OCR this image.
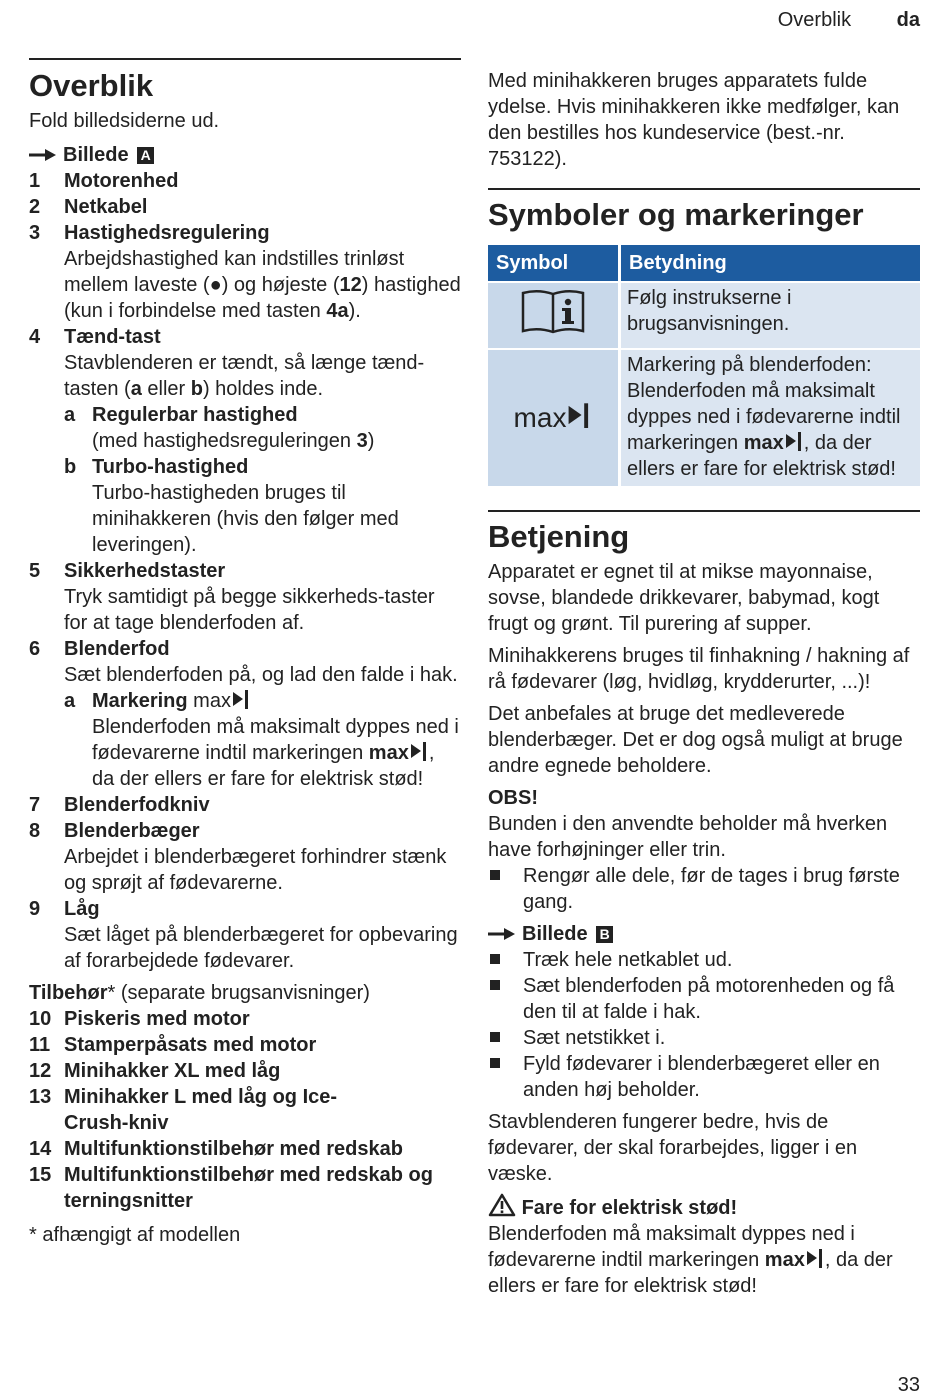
Overblik da
Overblik

Fold billedsiderne ud.

Billede A

1	Motorenhed
2	Netkabel
3	Hastighedsregulering

Arbejdshastighed kan indstilles trinløst mellem laveste (●) og højeste (12) hastighed (kun i forbindelse med tasten 4a).

4	Tænd-tast

Stavblenderen er tændt, så længe tænd-tasten (a eller b) holdes inde.

a Regulerbar hastighed

(med hastighedsreguleringen 3)

b Turbo-hastighed

Turbo-hastigheden bruges til minihakkeren (hvis den følger med leveringen).

5	Sikkerhedstaster

Tryk samtidigt på begge sikkerheds-taster for at tage blenderfoden af.

6	Blenderfod

Sæt blenderfoden på, og lad den falde i hak.

a Markering max

Blenderfoden må maksimalt dyppes ned i fødevarerne indtil markeringen max , da der ellers er fare for elektrisk stød!

7	Blenderfodkniv
8	Blenderbæger

Arbejdet i blenderbægeret forhindrer stænk og sprøjt af fødevarerne.

9	Låg

Sæt låget på blenderbægeret for opbevaring af forarbejdede fødevarer.

Tilbehør* (separate brugsanvisninger)

10 Piskeris med motor
11 Stamperpåsats med motor
12 Minihakker XL med låg
13 Minihakker L med låg og Ice-Crush-kniv
14 Multifunktionstilbehør med redskab
15 Multifunktionstilbehør med redskab og terningsnitter

* afhængigt af modellen

Med minihakkeren bruges apparatets fulde ydelse. Hvis minihakkeren ikke medfølger, kan den bestilles hos kundeservice (best.-nr. 753122).

Symboler og markeringer
Symbol	Betydning
	Følg instrukserne i brugsanvisningen.
max	Markering på blenderfoden: Blenderfoden må maksimalt dyppes ned i fødevarerne indtil markeringen max , da der ellers er fare for elektrisk stød!
Betjening

Apparatet er egnet til at mikse mayonnaise, sovse, blandede drikkevarer, babymad, kogt frugt og grønt. Til purering af supper.

Minihakkerens bruges til finhakning / hakning af rå fødevarer (løg, hvidløg, krydderurter, ...)!

Det anbefales at bruge det medleverede blenderbæger. Det er dog også muligt at bruge andre egnede beholdere.

OBS!

Bunden i den anvendte beholder må hverken have forhøjninger eller trin.

Rengør alle dele, før de tages i brug første gang.

Billede B

Træk hele netkablet ud.
Sæt blenderfoden på motorenheden og få den til at falde i hak.
Sæt netstikket i.
Fyld fødevarer i blenderbægeret eller en anden høj beholder.

Stavblenderen fungerer bedre, hvis de fødevarer, der skal forarbejdes, ligger i en væske.

Fare for elektrisk stød!

Blenderfoden må maksimalt dyppes ned i fødevarerne indtil markeringen max , da der ellers er fare for elektrisk stød!

33
